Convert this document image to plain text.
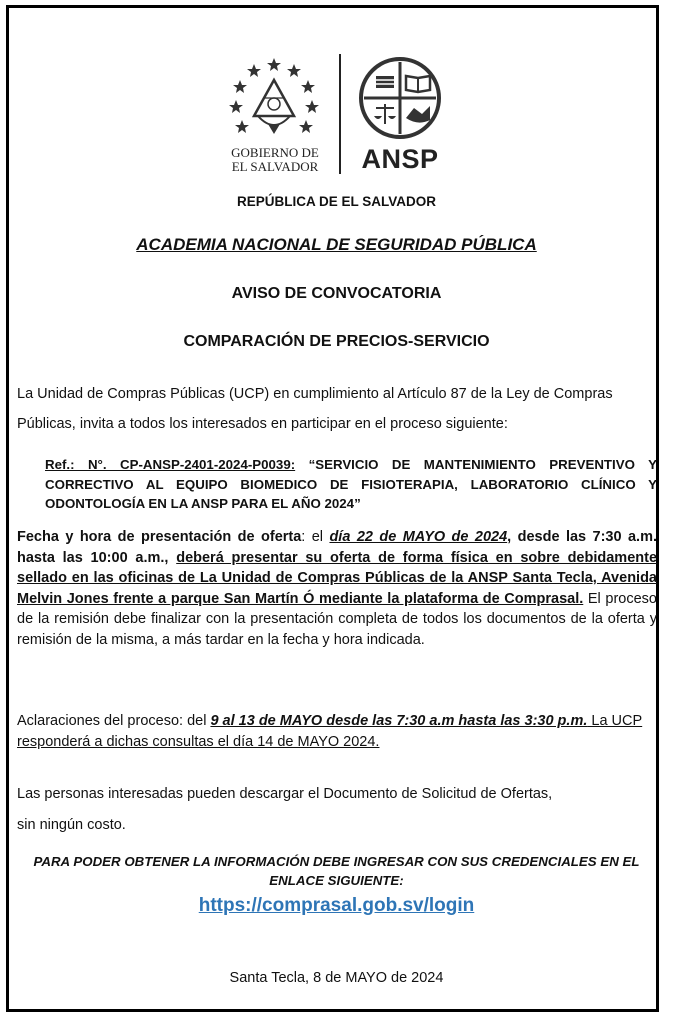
GOBIERNO DE
EL SALVADOR	ANSP
REPÚBLICA DE EL SALVADOR
ACADEMIA NACIONAL DE SEGURIDAD PÚBLICA
AVISO DE CONVOCATORIA
COMPARACIÓN DE PRECIOS-SERVICIO
La Unidad de Compras Públicas (UCP) en cumplimiento al Artículo 87 de la Ley de Compras
Públicas, invita a todos los interesados en participar en el proceso siguiente:
Ref.: N°. CP-ANSP-2401-2024-P0039: “SERVICIO DE MANTENIMIENTO PREVENTIVO Y CORRECTIVO AL EQUIPO BIOMEDICO DE FISIOTERAPIA, LABORATORIO CLÍNICO Y ODONTOLOGÍA EN LA ANSP PARA EL AÑO 2024”
Fecha y hora de presentación de oferta: el día 22 de MAYO de 2024, desde las 7:30 a.m. hasta las 10:00 a.m., deberá presentar su oferta de forma física en sobre debidamente sellado en las oficinas de La Unidad de Compras Públicas de la ANSP Santa Tecla, Avenida Melvin Jones frente a parque San Martín Ó mediante la plataforma de Comprasal. El proceso de la remisión debe finalizar con la presentación completa de todos los documentos de la oferta y remisión de la misma, a más tardar en la fecha y hora indicada.
Aclaraciones del proceso: del 9 al 13 de MAYO desde las 7:30 a.m hasta las 3:30 p.m. La UCP responderá a dichas consultas el día 14 de MAYO 2024.
Las personas interesadas pueden descargar el Documento de Solicitud de Ofertas,
sin ningún costo.
PARA PODER OBTENER LA INFORMACIÓN DEBE INGRESAR CON SUS CREDENCIALES EN EL ENLACE SIGUIENTE:
https://comprasal.gob.sv/login
Santa Tecla, 8 de MAYO de 2024
